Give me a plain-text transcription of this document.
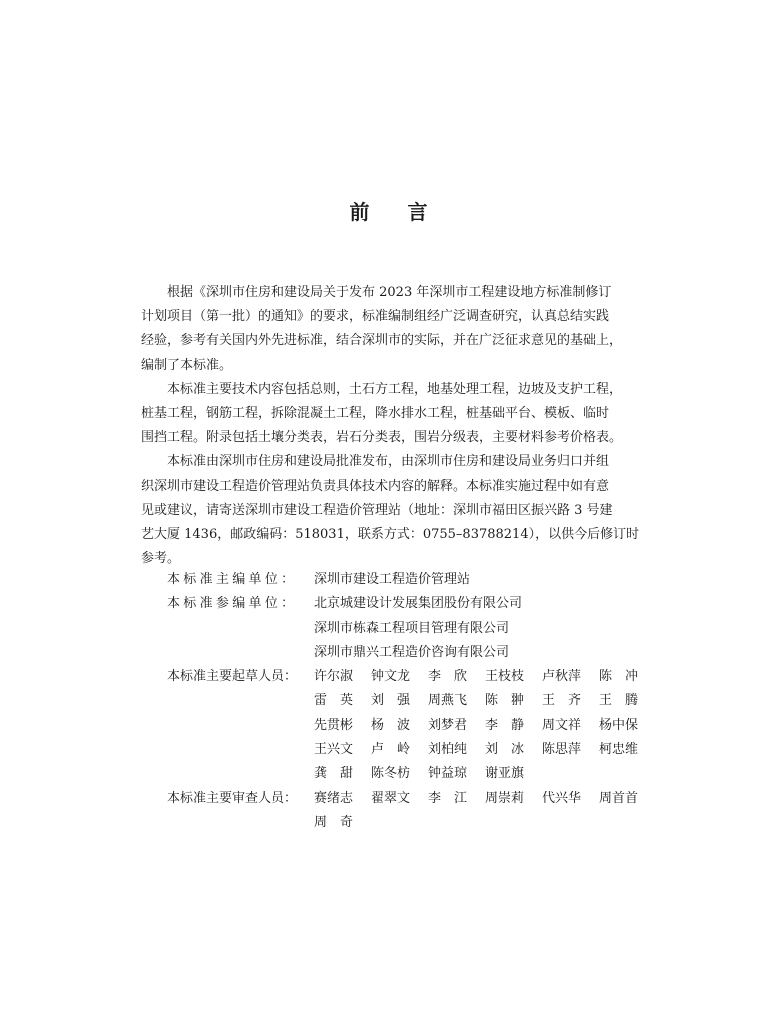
前 言

根据《深圳市住房和建设局关于发布 2023 年深圳市工程建设地方标准制修订
计划项目（第一批）的通知》的要求，标准编制组经广泛调查研究，认真总结实践
经验，参考有关国内外先进标准，结合深圳市的实际，并在广泛征求意见的基础上，
编制了本标准。

本标准主要技术内容包括总则，土石方工程，地基处理工程，边坡及支护工程，
桩基工程，钢筋工程，拆除混凝土工程，降水排水工程，桩基础平台、模板、临时
围挡工程。附录包括土壤分类表，岩石分类表，围岩分级表，主要材料参考价格表。

本标准由深圳市住房和建设局批准发布，由深圳市住房和建设局业务归口并组
织深圳市建设工程造价管理站负责具体技术内容的解释。本标准实施过程中如有意
见或建议，请寄送深圳市建设工程造价管理站（地址：深圳市福田区振兴路 3 号建
艺大厦 1436，邮政编码：518031，联系方式：0755–83788214），以供今后修订时
参考。

本标准主编单位：	深圳市建设工程造价管理站
本标准参编单位：	北京城建设计发展集团股份有限公司
深圳市栋森工程项目管理有限公司
深圳市鼎兴工程造价咨询有限公司
本标准主要起草人员：	许尔淑	钟文龙	李　欣	王枝枝	卢秋萍	陈　冲
雷　英	刘　强	周燕飞	陈　翀	王　齐	王　腾
先贯彬	杨　波	刘梦君	李　静	周文祥	杨中保
王兴文	卢　岭	刘柏纯	刘　冰	陈思萍	柯忠维
龚　甜	陈冬枋	钟益琼	谢亚旗
本标准主要审查人员：	赛绪志	翟翠文	李　江	周崇莉	代兴华	周首首
周　奇
